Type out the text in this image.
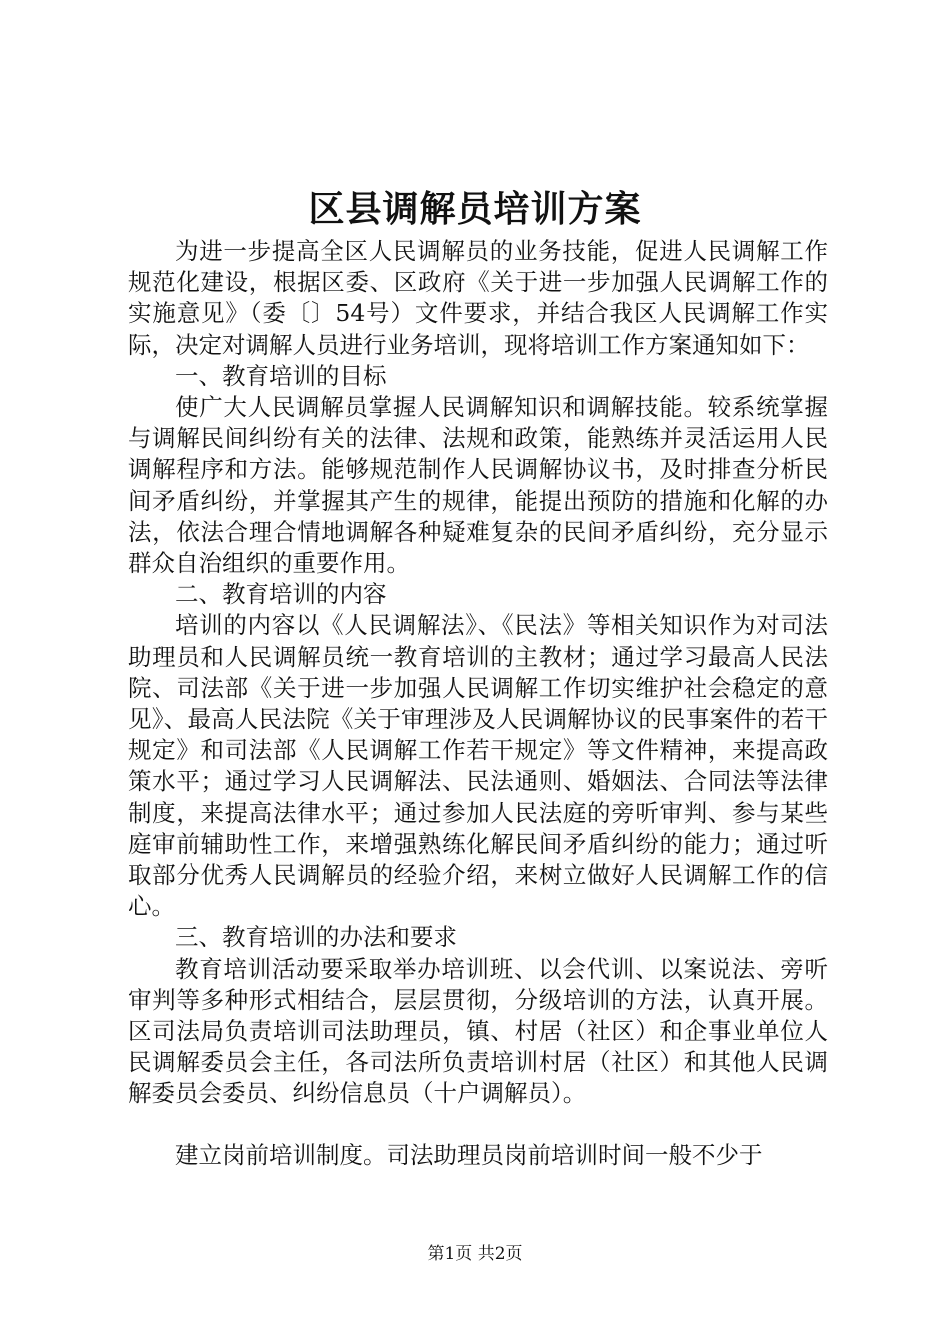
区县调解员培训方案

为进一步提高全区人民调解员的业务技能，促进人民调解工作规范化建设，根据区委、区政府《关于进一步加强人民调解工作的实施意见》（委〔〕54号）文件要求，并结合我区人民调解工作实际，决定对调解人员进行业务培训，现将培训工作方案通知如下：

一、教育培训的目标

使广大人民调解员掌握人民调解知识和调解技能。较系统掌握与调解民间纠纷有关的法律、法规和政策，能熟练并灵活运用人民调解程序和方法。能够规范制作人民调解协议书，及时排查分析民间矛盾纠纷，并掌握其产生的规律，能提出预防的措施和化解的办法，依法合理合情地调解各种疑难复杂的民间矛盾纠纷，充分显示群众自治组织的重要作用。

二、教育培训的内容

培训的内容以《人民调解法》、《民法》等相关知识作为对司法助理员和人民调解员统一教育培训的主教材；通过学习最高人民法院、司法部《关于进一步加强人民调解工作切实维护社会稳定的意见》、最高人民法院《关于审理涉及人民调解协议的民事案件的若干规定》和司法部《人民调解工作若干规定》等文件精神，来提高政策水平；通过学习人民调解法、民法通则、婚姻法、合同法等法律制度，来提高法律水平；通过参加人民法庭的旁听审判、参与某些庭审前辅助性工作，来增强熟练化解民间矛盾纠纷的能力；通过听取部分优秀人民调解员的经验介绍，来树立做好人民调解工作的信心。

三、教育培训的办法和要求

教育培训活动要采取举办培训班、以会代训、以案说法、旁听审判等多种形式相结合，层层贯彻，分级培训的方法，认真开展。区司法局负责培训司法助理员，镇、村居（社区）和企事业单位人民调解委员会主任，各司法所负责培训村居（社区）和其他人民调解委员会委员、纠纷信息员（十户调解员）。

建立岗前培训制度。司法助理员岗前培训时间一般不少于

第1页 共2页
